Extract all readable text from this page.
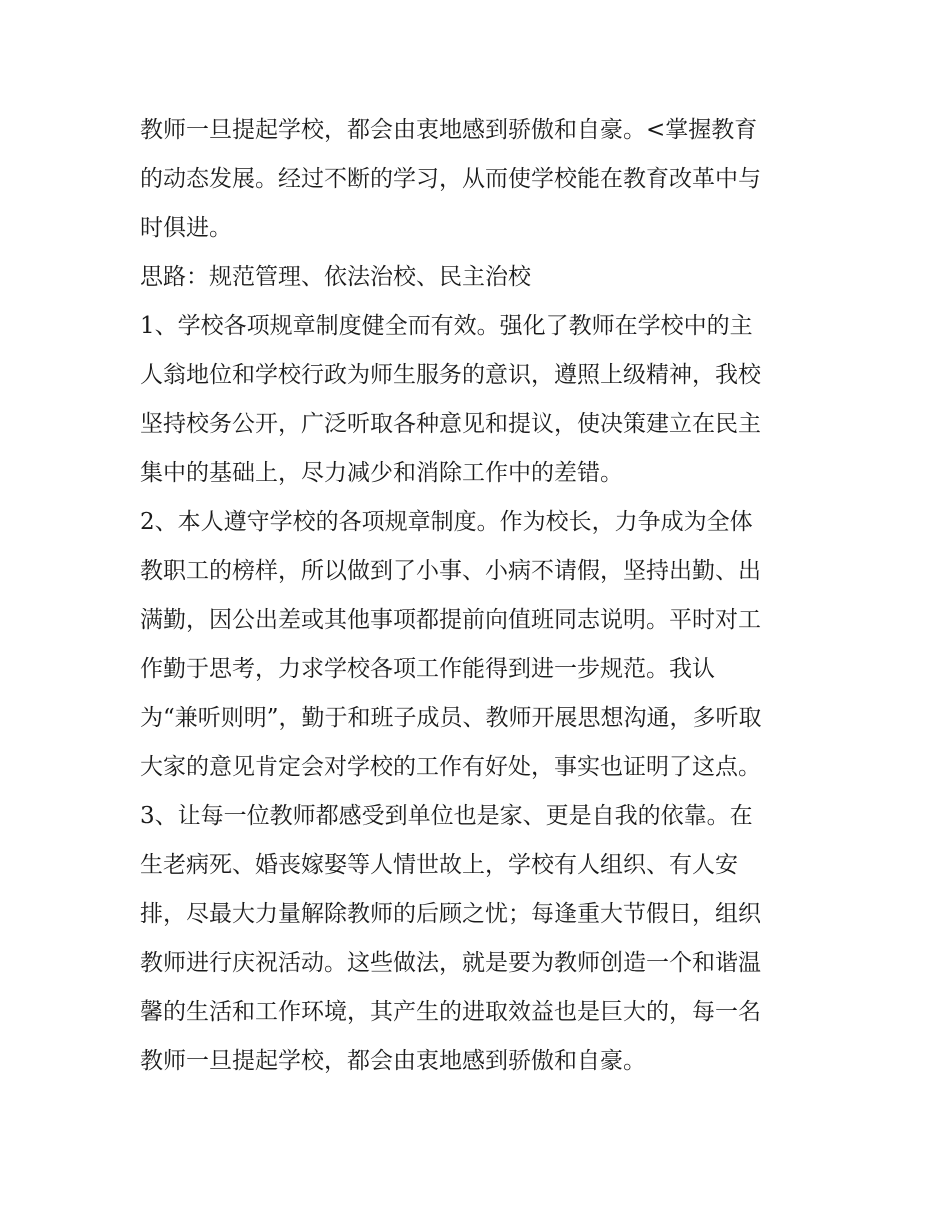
教师一旦提起学校，都会由衷地感到骄傲和自豪。<掌握教育
的动态发展。经过不断的学习，从而使学校能在教育改革中与
时俱进。
思路：规范管理、依法治校、民主治校
1、学校各项规章制度健全而有效。强化了教师在学校中的主
人翁地位和学校行政为师生服务的意识，遵照上级精神，我校
坚持校务公开，广泛听取各种意见和提议，使决策建立在民主
集中的基础上，尽力减少和消除工作中的差错。
2、本人遵守学校的各项规章制度。作为校长，力争成为全体
教职工的榜样，所以做到了小事、小病不请假，坚持出勤、出
满勤，因公出差或其他事项都提前向值班同志说明。平时对工
作勤于思考，力求学校各项工作能得到进一步规范。我认
为“兼听则明”，勤于和班子成员、教师开展思想沟通，多听取
大家的意见肯定会对学校的工作有好处，事实也证明了这点。
3、让每一位教师都感受到单位也是家、更是自我的依靠。在
生老病死、婚丧嫁娶等人情世故上，学校有人组织、有人安
排，尽最大力量解除教师的后顾之忧；每逢重大节假日，组织
教师进行庆祝活动。这些做法，就是要为教师创造一个和谐温
馨的生活和工作环境，其产生的进取效益也是巨大的，每一名
教师一旦提起学校，都会由衷地感到骄傲和自豪。
